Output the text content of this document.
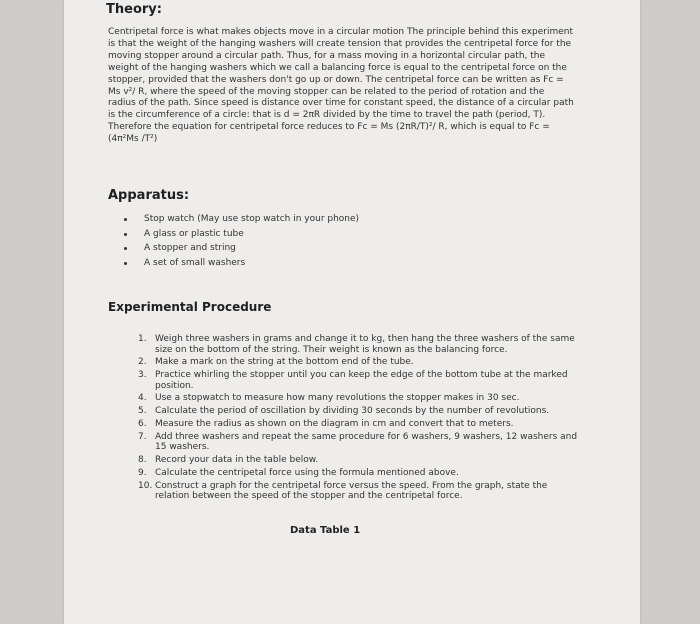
Theory:
Centripetal force is what makes objects move in a circular motion The principle behind this experiment
is that the weight of the hanging washers will create tension that provides the centripetal force for the
moving stopper around a circular path. Thus, for a mass moving in a horizontal circular path, the
weight of the hanging washers which we call a balancing force is equal to the centripetal force on the
stopper, provided that the washers don't go up or down. The centripetal force can be written as Fc =
Ms v²/ R, where the speed of the moving stopper can be related to the period of rotation and the
radius of the path. Since speed is distance over time for constant speed, the distance of a circular path
is the circumference of a circle: that is d = 2πR divided by the time to travel the path (period, T).
Therefore the equation for centripetal force reduces to Fc = Ms (2πR/T)²/ R, which is equal to Fc =
(4π²Ms /T²)
Apparatus:
Stop watch (May use stop watch in your phone)
A glass or plastic tube
A stopper and string
A set of small washers
Experimental Procedure
1. Weigh three washers in grams and change it to kg, then hang the three washers of the same
size on the bottom of the string. Their weight is known as the balancing force.
2. Make a mark on the string at the bottom end of the tube.
3. Practice whirling the stopper until you can keep the edge of the bottom tube at the marked
position.
4. Use a stopwatch to measure how many revolutions the stopper makes in 30 sec.
5. Calculate the period of oscillation by dividing 30 seconds by the number of revolutions.
6. Measure the radius as shown on the diagram in cm and convert that to meters.
7. Add three washers and repeat the same procedure for 6 washers, 9 washers, 12 washers and
15 washers.
8. Record your data in the table below.
9. Calculate the centripetal force using the formula mentioned above.
10. Construct a graph for the centripetal force versus the speed. From the graph, state the
relation between the speed of the stopper and the centripetal force.
Data Table 1
